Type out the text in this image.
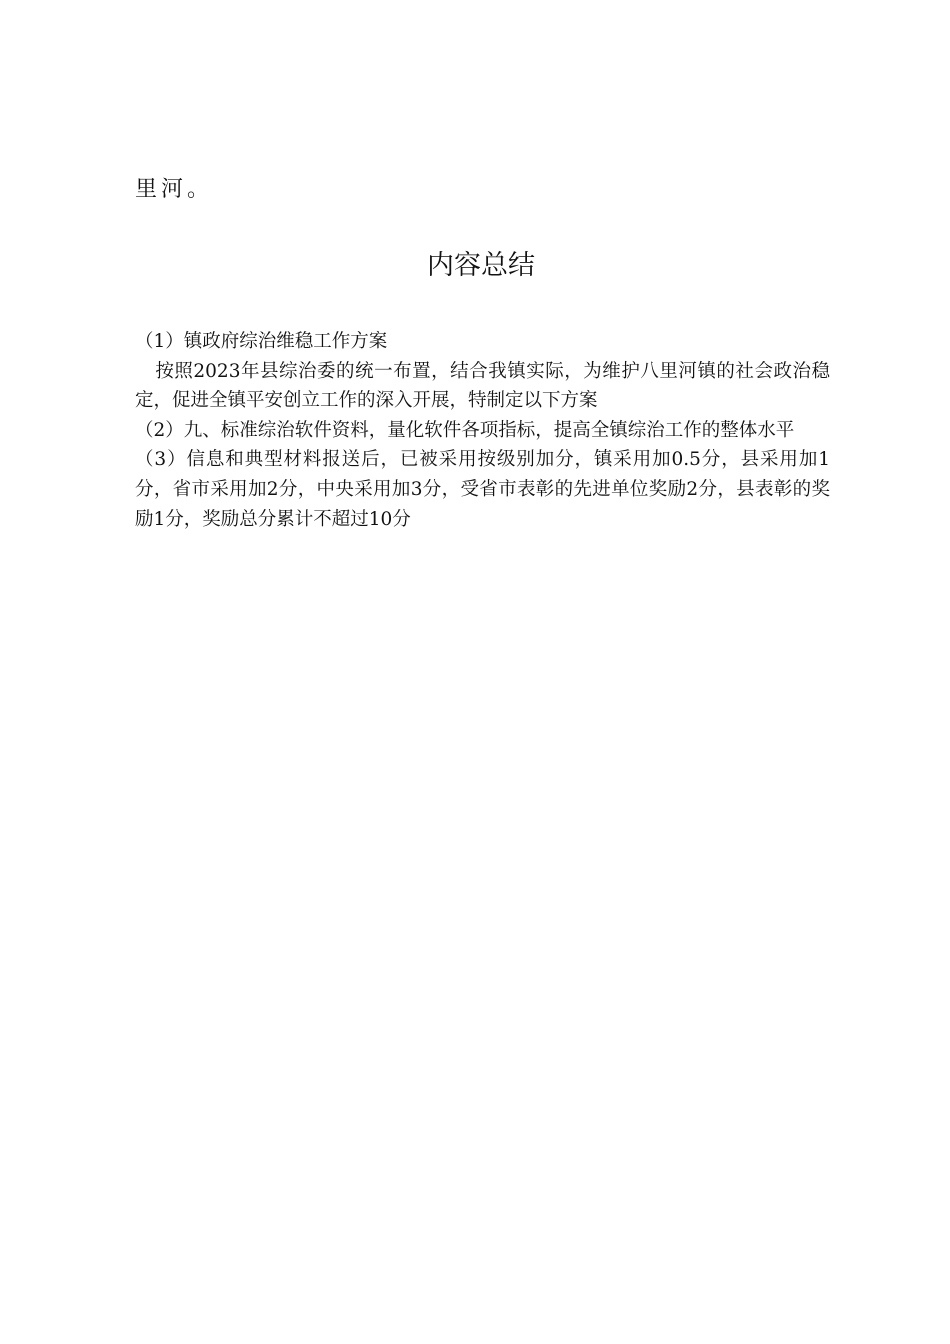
里河。
内容总结

（1）镇政府综治维稳工作方案

按照2023年县综治委的统一布置，结合我镇实际，为维护八里河镇的社会政治稳定，促进全镇平安创立工作的深入开展，特制定以下方案

（2）九、标准综治软件资料，量化软件各项指标，提高全镇综治工作的整体水平

（3）信息和典型材料报送后，已被采用按级别加分，镇采用加0.5分，县采用加1分，省市采用加2分，中央采用加3分，受省市表彰的先进单位奖励2分，县表彰的奖励1分，奖励总分累计不超过10分
